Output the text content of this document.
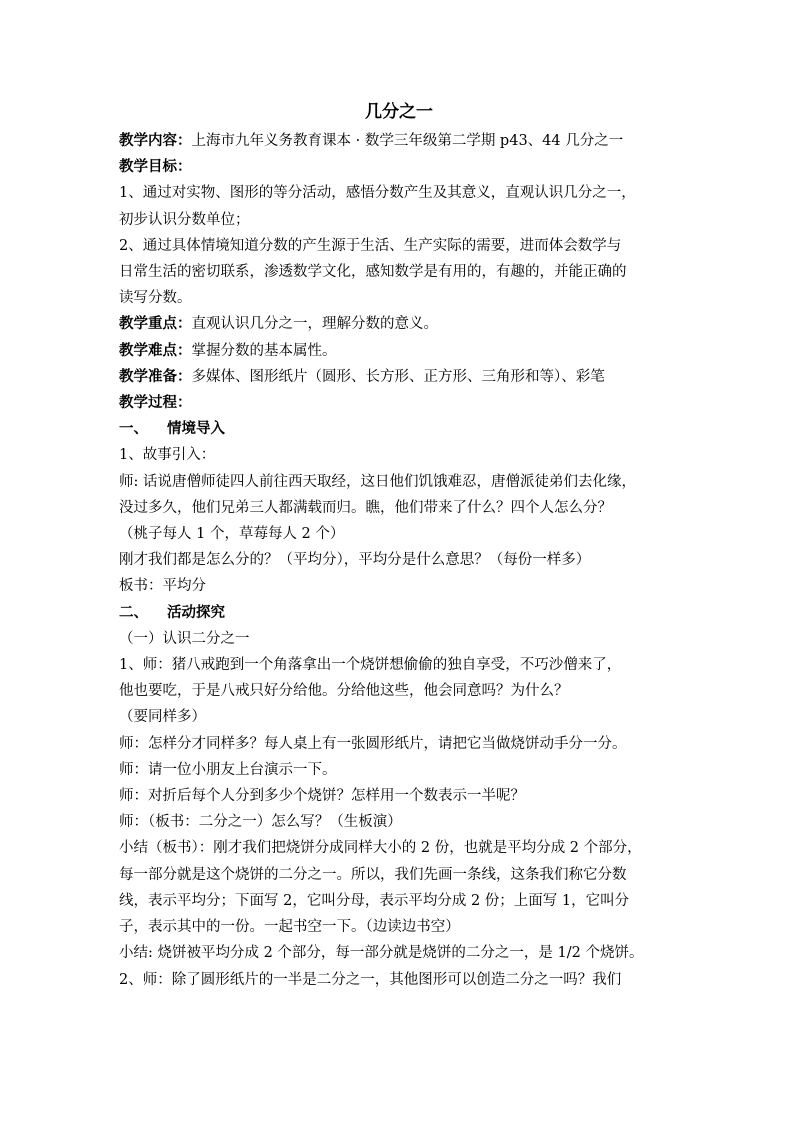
几分之一
教学内容：上海市九年义务教育课本 · 数学三年级第二学期 p43、44 几分之一
教学目标：
1、通过对实物、图形的等分活动，感悟分数产生及其意义，直观认识几分之一，
初步认识分数单位；
2、通过具体情境知道分数的产生源于生活、生产实际的需要，进而体会数学与
日常生活的密切联系，渗透数学文化，感知数学是有用的，有趣的，并能正确的
读写分数。
教学重点：直观认识几分之一，理解分数的意义。
教学难点：掌握分数的基本属性。
教学准备：多媒体、图形纸片（圆形、长方形、正方形、三角形和等）、彩笔
教学过程：
一、 情境导入
1、故事引入：
师: 话说唐僧师徒四人前往西天取经，这日他们饥饿难忍，唐僧派徒弟们去化缘，
没过多久，他们兄弟三人都满载而归。瞧，他们带来了什么？四个人怎么分？
（桃子每人 1 个，草莓每人 2 个）
刚才我们都是怎么分的？（平均分），平均分是什么意思？（每份一样多）
板书：平均分
二、 活动探究
（一）认识二分之一
1、师：猪八戒跑到一个角落拿出一个烧饼想偷偷的独自享受，不巧沙僧来了，
他也要吃，于是八戒只好分给他。分给他这些，他会同意吗？为什么？
（要同样多）
师：怎样分才同样多？每人桌上有一张圆形纸片，请把它当做烧饼动手分一分。
师：请一位小朋友上台演示一下。
师：对折后每个人分到多少个烧饼？怎样用一个数表示一半呢？
师：（板书：二分之一）怎么写？（生板演）
小结（板书）：刚才我们把烧饼分成同样大小的 2 份，也就是平均分成 2 个部分，
每一部分就是这个烧饼的二分之一。所以，我们先画一条线，这条我们称它分数
线，表示平均分；下面写 2，它叫分母，表示平均分成 2 份；上面写 1，它叫分
子，表示其中的一份。一起书空一下。（边读边书空）
小结: 烧饼被平均分成 2 个部分，每一部分就是烧饼的二分之一，是 1/2 个烧饼。
2、师：除了圆形纸片的一半是二分之一，其他图形可以创造二分之一吗？我们
